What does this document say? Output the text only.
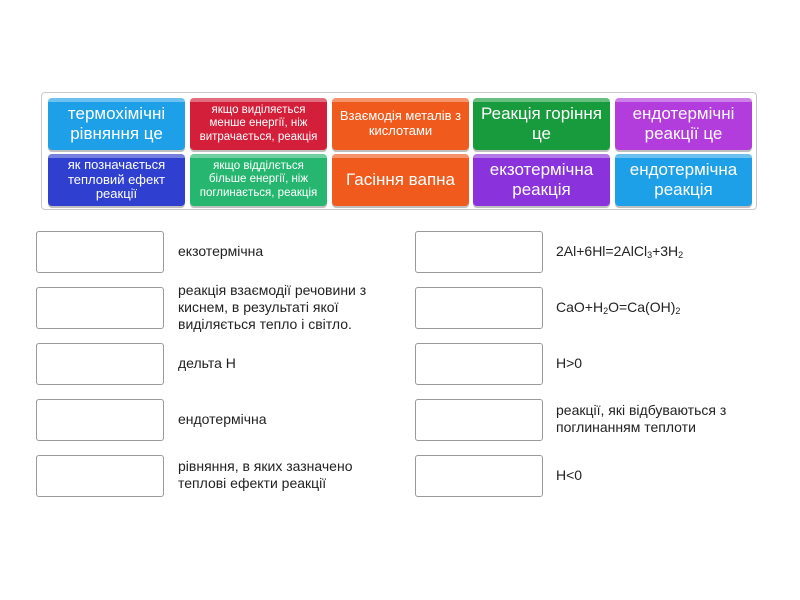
термохімічні рівняння це
якщо виділяється менше енергії, ніж витрачається, реакція
Взаємодія металів з кислотами
Реакція горіння це
ендотермічні реакції це
як позначається тепловий ефект реакції
якщо відділється більше енергії, ніж поглинається, реакція
Гасіння вапна
екзотермічна реакція
ендотермічна реакція
екзотермічна
реакція взаємодії речовини з киснем, в результаті якої виділяється тепло і світло.
дельта Н
ендотермічна
рівняння, в яких зазначено теплові ефекти реакції
$2Al+6Hl=2AlCl_3+3H_2$
$CaO+H_2O=Ca(OH)_2$
H>0
реакції, які відбуваються з поглинанням теплоти
H<0
